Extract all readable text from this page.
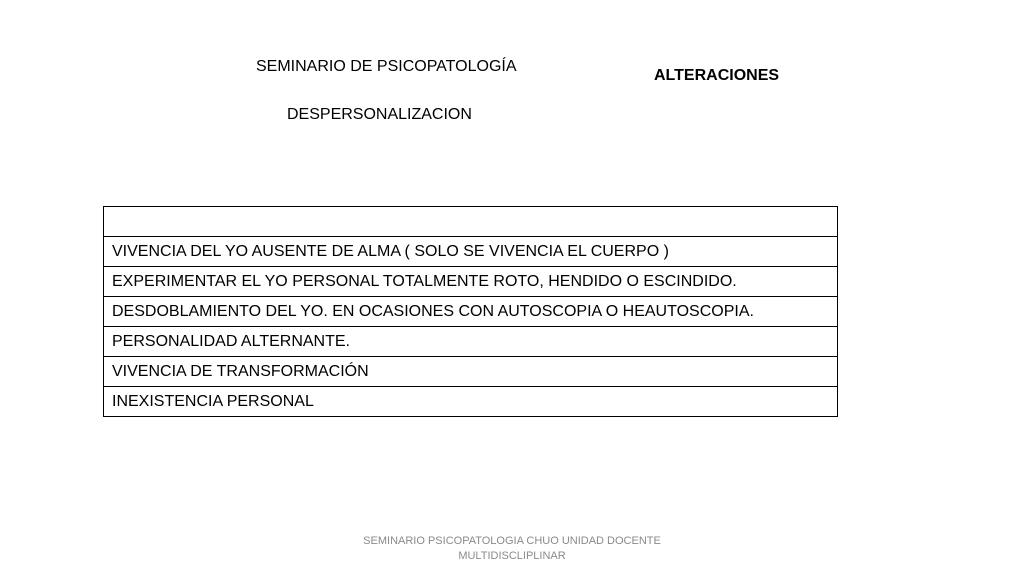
SEMINARIO DE PSICOPATOLOGÍA
DESPERSONALIZACION
ALTERACIONES

VIVENCIA DEL YO AUSENTE DE ALMA ( SOLO SE VIVENCIA EL CUERPO )
EXPERIMENTAR EL YO PERSONAL TOTALMENTE ROTO, HENDIDO O ESCINDIDO.
DESDOBLAMIENTO DEL YO. EN OCASIONES CON AUTOSCOPIA O HEAUTOSCOPIA.
PERSONALIDAD ALTERNANTE.
VIVENCIA DE TRANSFORMACIÓN
INEXISTENCIA PERSONAL
SEMINARIO PSICOPATOLOGIA CHUO UNIDAD DOCENTE
MULTIDISCLIPLINAR
